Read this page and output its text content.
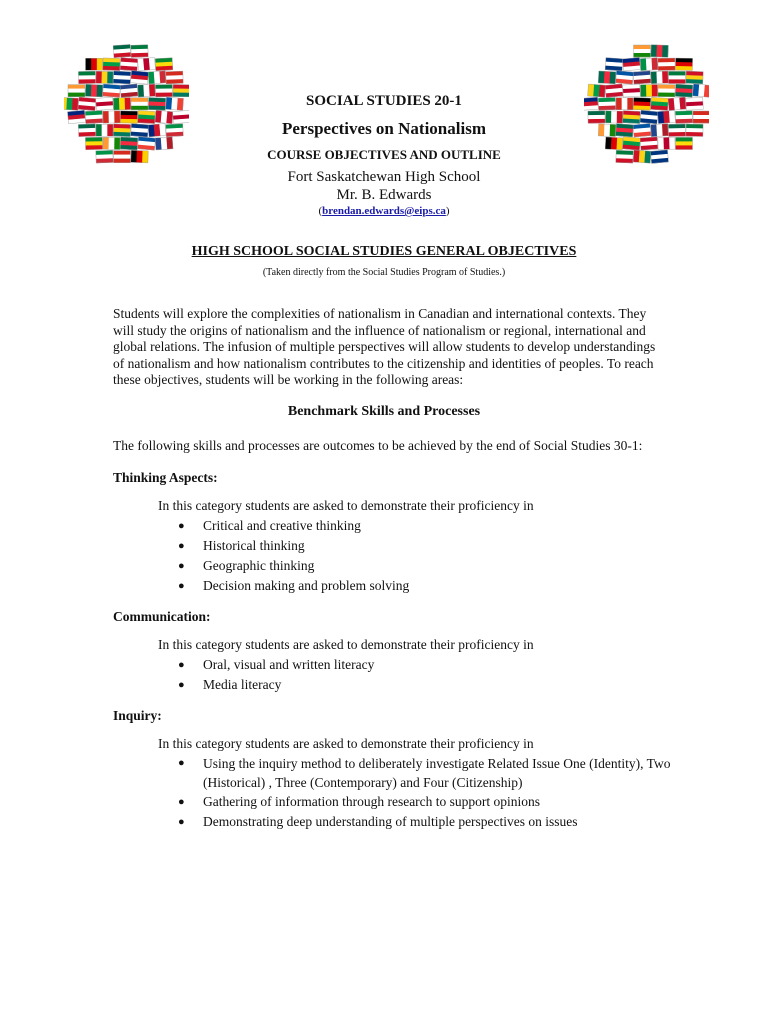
SOCIAL STUDIES 20-1
Perspectives on Nationalism
COURSE OBJECTIVES AND OUTLINE
Fort Saskatchewan High School
Mr. B. Edwards
(brendan.edwards@eips.ca)
HIGH SCHOOL SOCIAL STUDIES GENERAL OBJECTIVES
(Taken directly from the Social Studies Program of Studies.)
Students will explore the complexities of nationalism in Canadian and international contexts. They will study the origins of nationalism and the influence of nationalism or regional, international and global relations. The infusion of multiple perspectives will allow students to develop understandings of nationalism and how nationalism contributes to the citizenship and identities of peoples. To reach these objectives, students will be working in the following areas:
Benchmark Skills and Processes
The following skills and processes are outcomes to be achieved by the end of Social Studies 30-1:
Thinking Aspects:
In this category students are asked to demonstrate their proficiency in
● Critical and creative thinking
● Historical thinking
● Geographic thinking
● Decision making and problem solving
Communication:
In this category students are asked to demonstrate their proficiency in
● Oral, visual and written literacy
● Media literacy
Inquiry:
In this category students are asked to demonstrate their proficiency in
● Using the inquiry method to deliberately investigate Related Issue One (Identity), Two (Historical) , Three (Contemporary) and Four (Citizenship)
● Gathering of information through research to support opinions
● Demonstrating deep understanding of multiple perspectives on issues
